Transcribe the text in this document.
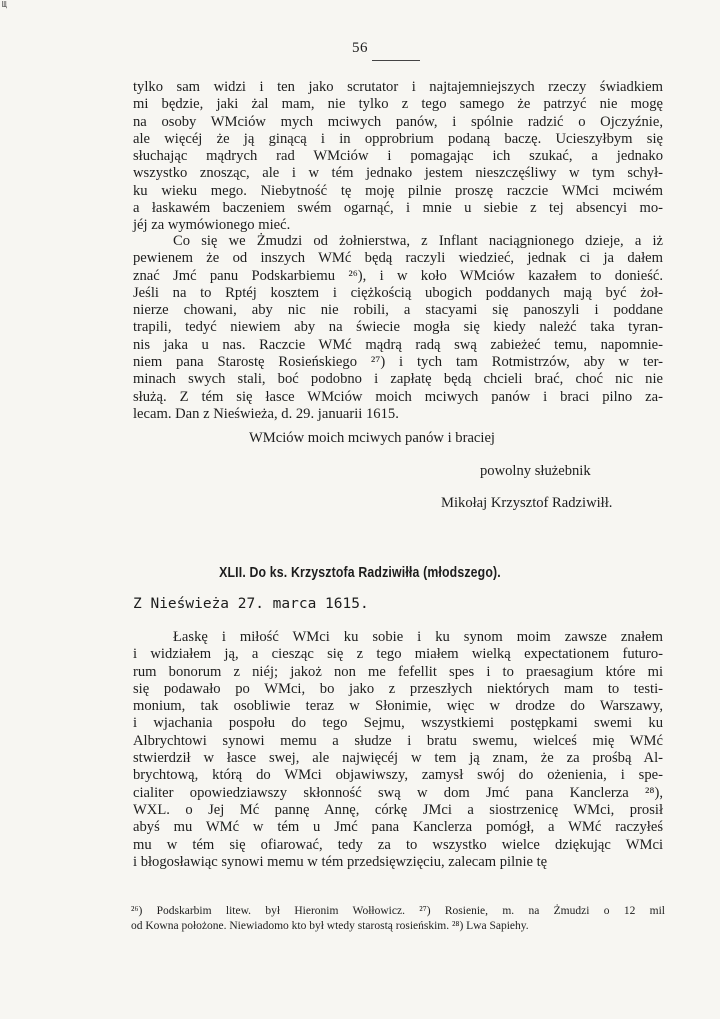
Щ
56
tylko sam widzi i ten jako scrutator i najtajemniejszych rzeczy świadkiem
mi będzie, jaki żal mam, nie tylko z tego samego że patrzyć nie mogę
na osoby WMciów mych mciwych panów, i spólnie radzić o Ojczyźnie,
ale więcéj że ją ginącą i in opprobrium podaną baczę. Ucieszyłbym się
słuchając mądrych rad WMciów i pomagając ich szukać, a jednako
wszystko znosząc, ale i w tém jednako jestem nieszczęśliwy w tym schył-
ku wieku mego. Niebytność tę moję pilnie proszę raczcie WMci mciwém
a łaskawém baczeniem swém ogarnąć, i mnie u siebie z tej absencyi mo-
jéj za wymówionego mieć.
Co się we Żmudzi od żołnierstwa, z Inflant naciągnionego dzieje, a iż
pewienem że od inszych WMć będą raczyli wiedzieć, jednak ci ja dałem
znać Jmć panu Podskarbiemu ²⁶), i w koło WMciów kazałem to donieść.
Jeśli na to Rptéj kosztem i ciężkością ubogich poddanych mają być żoł-
nierze chowani, aby nic nie robili, a stacyami się panoszyli i poddane
trapili, tedyć niewiem aby na świecie mogła się kiedy należć taka tyran-
nis jaka u nas. Raczcie WMć mądrą radą swą zabieżeć temu, napomnie-
niem pana Starostę Rosieńskiego ²⁷) i tych tam Rotmistrzów, aby w ter-
minach swych stali, boć podobno i zapłatę będą chcieli brać, choć nic nie
służą. Z tém się łasce WMciów moich mciwych panów i braci pilno za-
lecam. Dan z Nieświeża, d. 29. januarii 1615.
WMciów moich mciwych panów i braciej
powolny służebnik
Mikołaj Krzysztof Radziwiłł.
XLII. Do ks. Krzysztofa Radziwiłła (młodszego).
Z Nieświeża 27. marca 1615.
Łaskę i miłość WMci ku sobie i ku synom moim zawsze znałem
i widziałem ją, a ciesząc się z tego miałem wielką expectationem futuro-
rum bonorum z niéj; jakoż non me fefellit spes i to praesagium które mi
się podawało po WMci, bo jako z przeszłych niektórych mam to testi-
monium, tak osobliwie teraz w Słonimie, więc w drodze do Warszawy,
i wjachania pospołu do tego Sejmu, wszystkiemi postępkami swemi ku
Albrychtowi synowi memu a słudze i bratu swemu, wielceś mię WMć
stwierdził w łasce swej, ale najwięcéj w tem ją znam, że za prośbą Al-
brychtową, którą do WMci objawiwszy, zamysł swój do ożenienia, i spe-
cialiter opowiedziawszy skłonność swą w dom Jmć pana Kanclerza ²⁸),
WXL. o Jej Mć pannę Annę, córkę JMci a siostrzenicę WMci, prosił
abyś mu WMć w tém u Jmć pana Kanclerza pomógł, a WMć raczyłeś
mu w tém się ofiarować, tedy za to wszystko wielce dziękując WMci
i błogosławiąc synowi memu w tém przedsięwzięciu, zalecam pilnie tę
²⁶) Podskarbim litew. był Hieronim Wołłowicz. ²⁷) Rosienie, m. na Żmudzi o 12 mil
od Kowna położone. Niewiadomo kto był wtedy starostą rosieńskim. ²⁸) Lwa Sapiehy.
